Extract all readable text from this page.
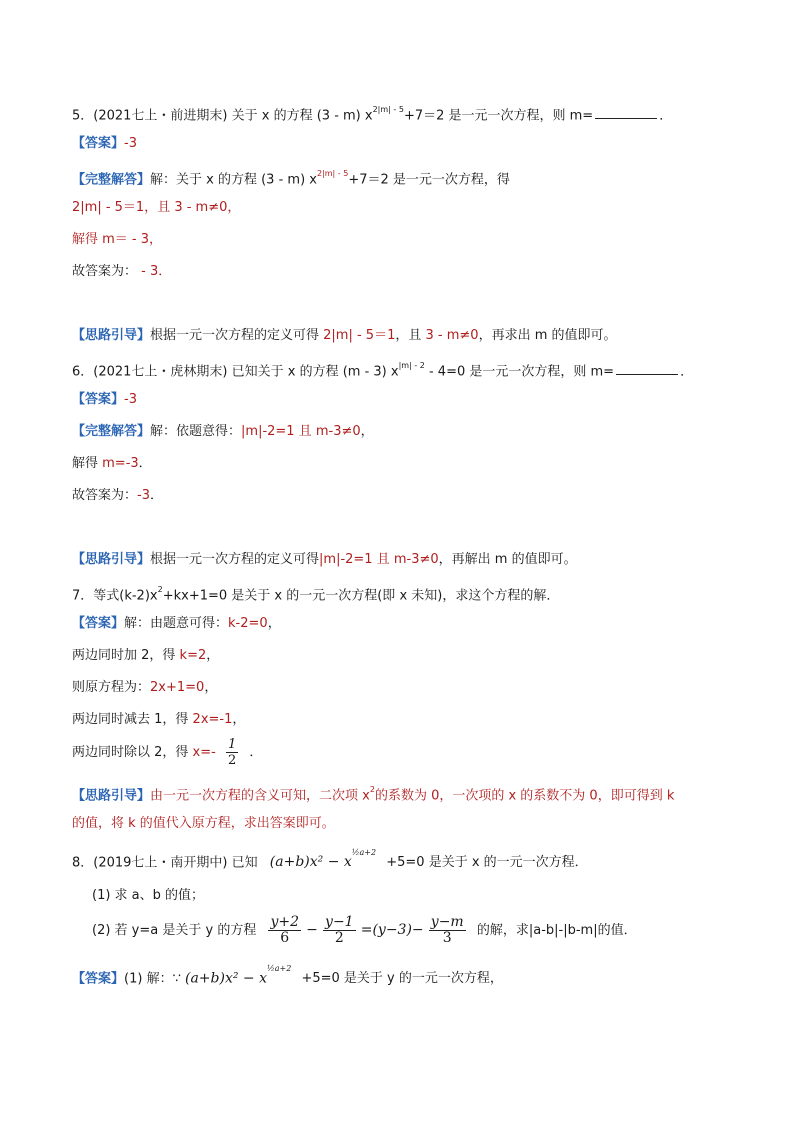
5．(2021七上・前进期末) 关于 x 的方程 (3 - m) $x^{2|m| - 5}+7=2$ 是一元一次方程，则 m=	．
【答案】-3
【完整解答】解：关于 x 的方程 (3 - m) $x^{2|m| - 5}+7=2$ 是一元一次方程，得
2|m| - 5＝1，且 3 - m≠0，
解得 m＝ - 3，
故答案为： - 3．
【思路引导】根据一元一次方程的定义可得 2|m| - 5＝1，且 3 - m≠0，再求出 m 的值即可。
6．(2021七上・虎林期末) 已知关于 x 的方程 (m - 3) $x^{|m| - 2} - 4=0$ 是一元一次方程，则 m=	．
【答案】-3
【完整解答】解：依题意得：|m|-2=1 且 m-3≠0，
解得 m=-3．
故答案为：-3．
【思路引导】根据一元一次方程的定义可得|m|-2=1 且 m-3≠0，再解出 m 的值即可。
7．等式$(k-2)x^2+kx+1=0$ 是关于 x 的一元一次方程(即 x 未知)，求这个方程的解．
【答案】解：由题意可得：k-2=0，
两边同时加 2，得 k=2，
则原方程为：2x+1=0，
两边同时减去 1，得 2x=-1，
两边同时除以 2，得 $x=- \frac{1}{2}$ ．
【思路引导】由一元一次方程的含义可知，二次项 $x^2$的系数为 0，一次项的 x 的系数不为 0，即可得到 k
的值，将 k 的值代入原方程，求出答案即可。
8．(2019七上・南开期中) 已知 $(a+b)x^2 - x^{\frac{1}{2}a+2} +5=0$ 是关于 x 的一元一次方程．
(1) 求 a、b 的值；
(2) 若 y=a 是关于 y 的方程 $\frac{y+2}{6} - \frac{y-1}{2} =(y-3)- \frac{y-m}{3}$ 的解，求|a-b|-|b-m|的值．
【答案】(1) 解：∵ $(a+b)x^2 - x^{\frac{1}{2}a+2} +5=0$ 是关于 y 的一元一次方程，
